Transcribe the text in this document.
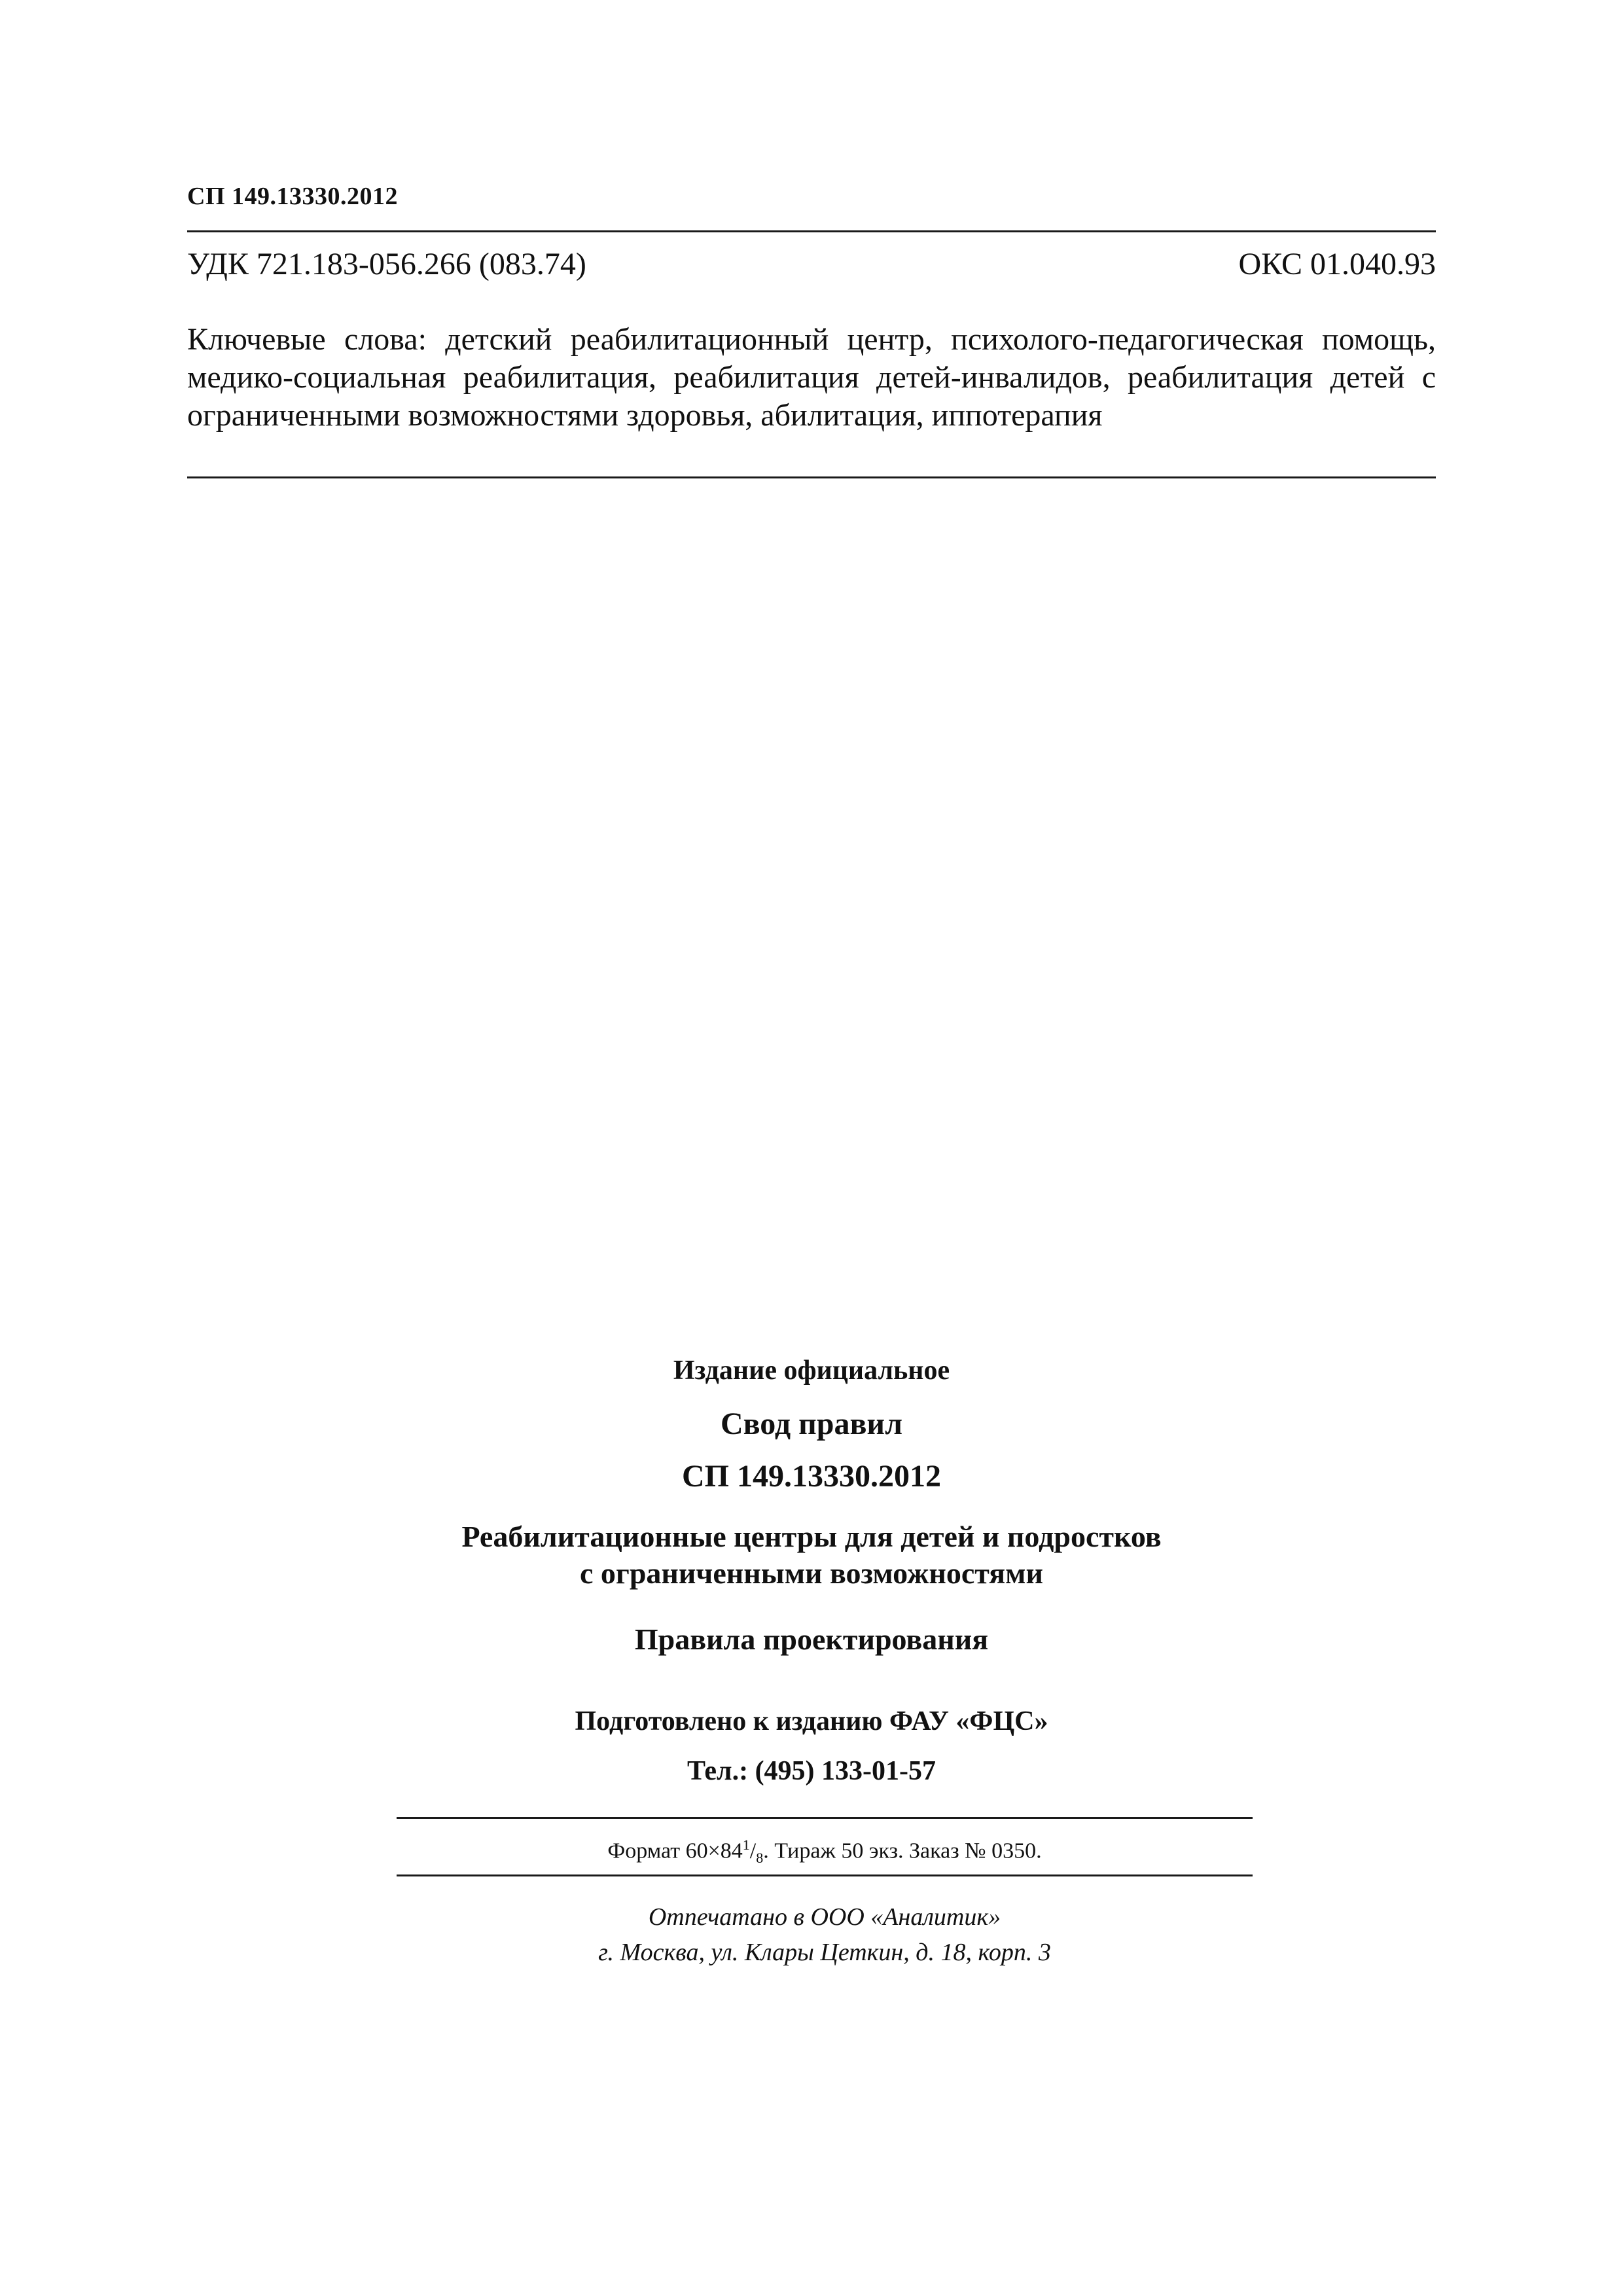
СП 149.13330.2012
УДК 721.183-056.266 (083.74)	ОКС 01.040.93
Ключевые слова: детский реабилитационный центр, психолого-педагогическая помощь, медико-социальная реабилитация, реабилитация детей-инвалидов, реабилитация детей с ограниченными возможностями здоровья, абилитация, иппотерапия
Издание официальное
Свод правил
СП 149.13330.2012
Реабилитационные центры для детей и подростков
с ограниченными возможностями
Правила проектирования
Подготовлено к изданию ФАУ «ФЦС»
Тел.: (495) 133-01-57
Формат $60\times 84^1/_8$. Тираж 50 экз. Заказ № 0350.
Отпечатано в ООО «Аналитик»
г. Москва, ул. Клары Цеткин, д. 18, корп. 3
